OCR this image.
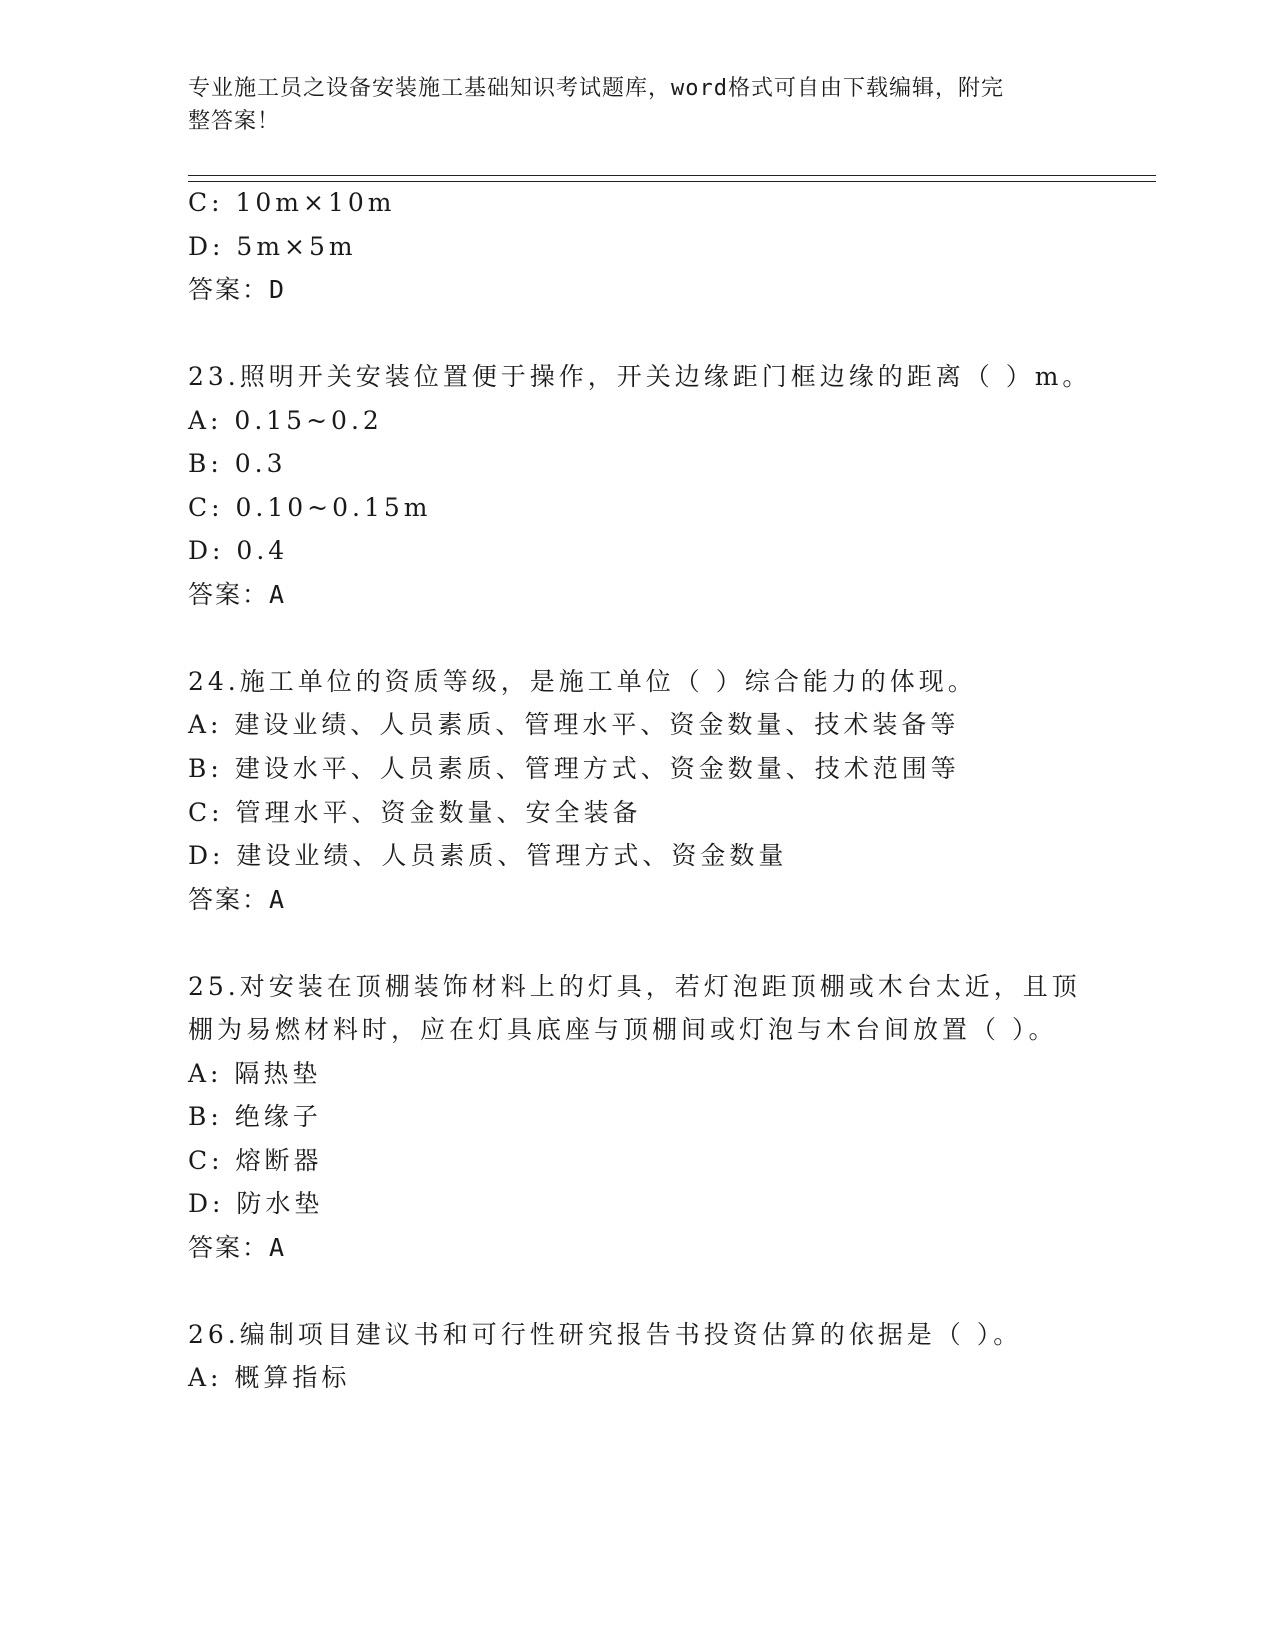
专业施工员之设备安装施工基础知识考试题库，word格式可自由下载编辑，附完
整答案！
C: 10m×10m
D: 5m×5m
答案：D
23.照明开关安装位置便于操作，开关边缘距门框边缘的距离（ ）m。
A: 0.15~0.2
B: 0.3
C: 0.10~0.15m
D: 0.4
答案：A
24.施工单位的资质等级，是施工单位（ ）综合能力的体现。
A: 建设业绩、人员素质、管理水平、资金数量、技术装备等
B: 建设水平、人员素质、管理方式、资金数量、技术范围等
C: 管理水平、资金数量、安全装备
D: 建设业绩、人员素质、管理方式、资金数量
答案：A
25.对安装在顶棚装饰材料上的灯具，若灯泡距顶棚或木台太近，且顶
棚为易燃材料时，应在灯具底座与顶棚间或灯泡与木台间放置（ ）。
A: 隔热垫
B: 绝缘子
C: 熔断器
D: 防水垫
答案：A
26.编制项目建议书和可行性研究报告书投资估算的依据是（ ）。
A: 概算指标
